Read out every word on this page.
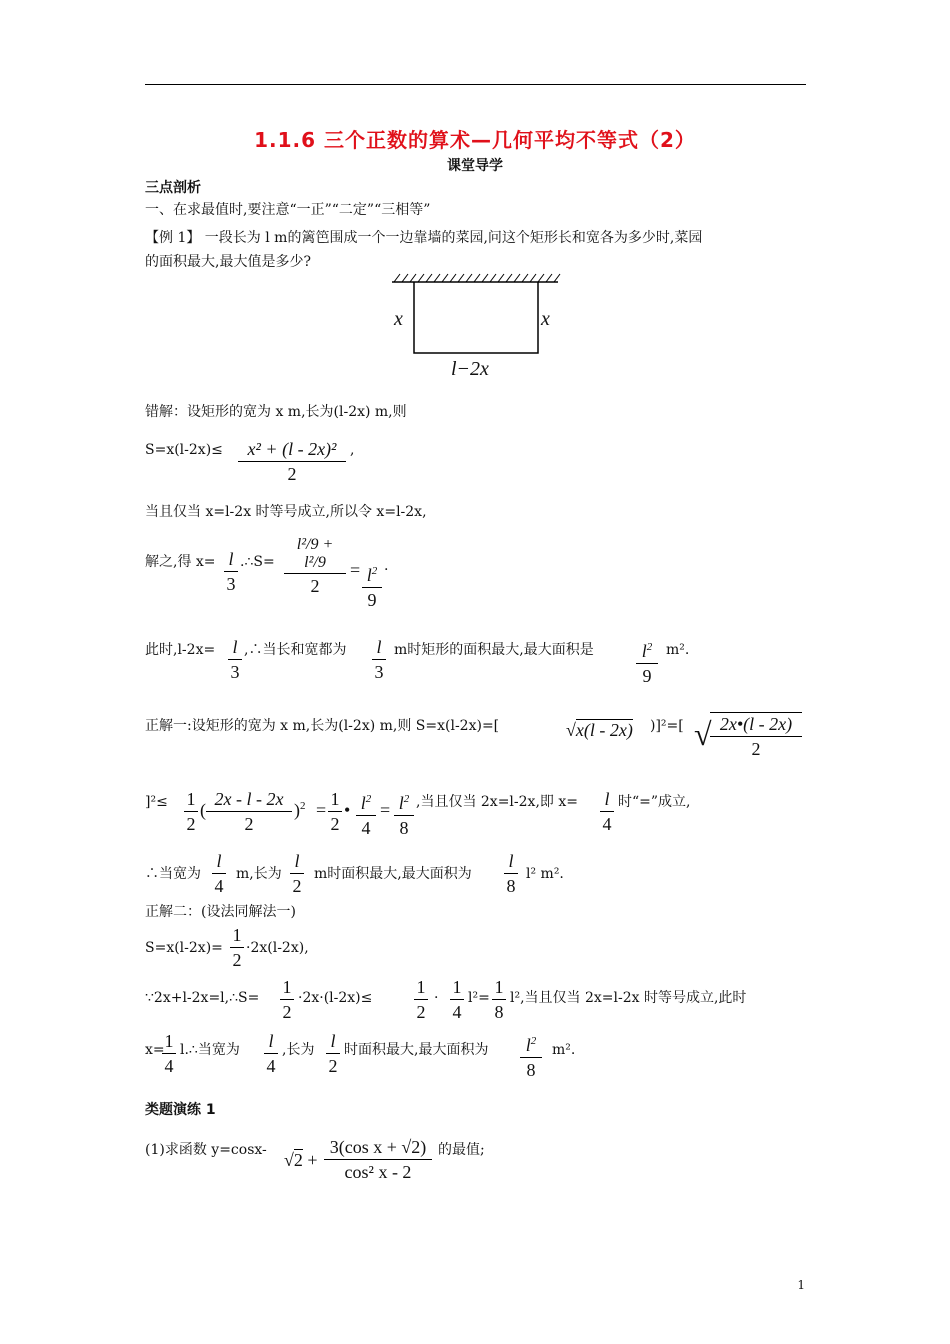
1.1.6 三个正数的算术—几何平均不等式（2）
课堂导学
三点剖析
一、在求最值时,要注意“一正”“二定”“三相等”
【例 1】 一段长为 l m的篱笆围成一个一边靠墙的菜园,问这个矩形长和宽各为多少时,菜园
的面积最大,最大值是多少?
x	x
l−2x
错解：设矩形的宽为 x m,长为(l-2x) m,则
S=x(l-2x)≤	x² + (l - 2x)²
2
,
当且仅当 x=l-2x 时等号成立,所以令 x=l-2x,
解之,得 x= l
3
.∴S=
l²/9 + l²/9
2
= $l^2$
9
.
此时,l-2x= l
3
,∴当长和宽都为 l
3
m时矩形的面积最大,最大面积是	$l^2$
9
m².
正解一:设矩形的宽为 x m,长为(l-2x) m,则 S=x(l-2x)=[	√x(l - 2x) )]²=[ √ 2x•(l - 2x)
2
]²≤ 1
2
(
2x - l - 2x
2
)$^2$ =
1
2
• $l^2$
4
= $l^2$
8
,当且仅当 2x=l-2x,即 x= l
4
时“=”成立,
∴当宽为
l
4
m,长为
l
2
m时面积最大,最大面积为
l
8
l² m².
正解二：(设法同解法一)
S=x(l-2x)=
1
2
·2x(l-2x),
∵2x+l-2x=l,∴S=
1
2
·2x·(l-2x)≤
1
2
·
1
4
l²=
1
8
l²,当且仅当 2x=l-2x 时等号成立,此时
x= 1
4
l.∴当宽为 l
4
,长为 l
2
时面积最大,最大面积为	$l^2$
8
m².
类题演练 1
(1)求函数 y=cosx- √2 +
3(cos x + √2)
cos² x - 2
的最值;
1
